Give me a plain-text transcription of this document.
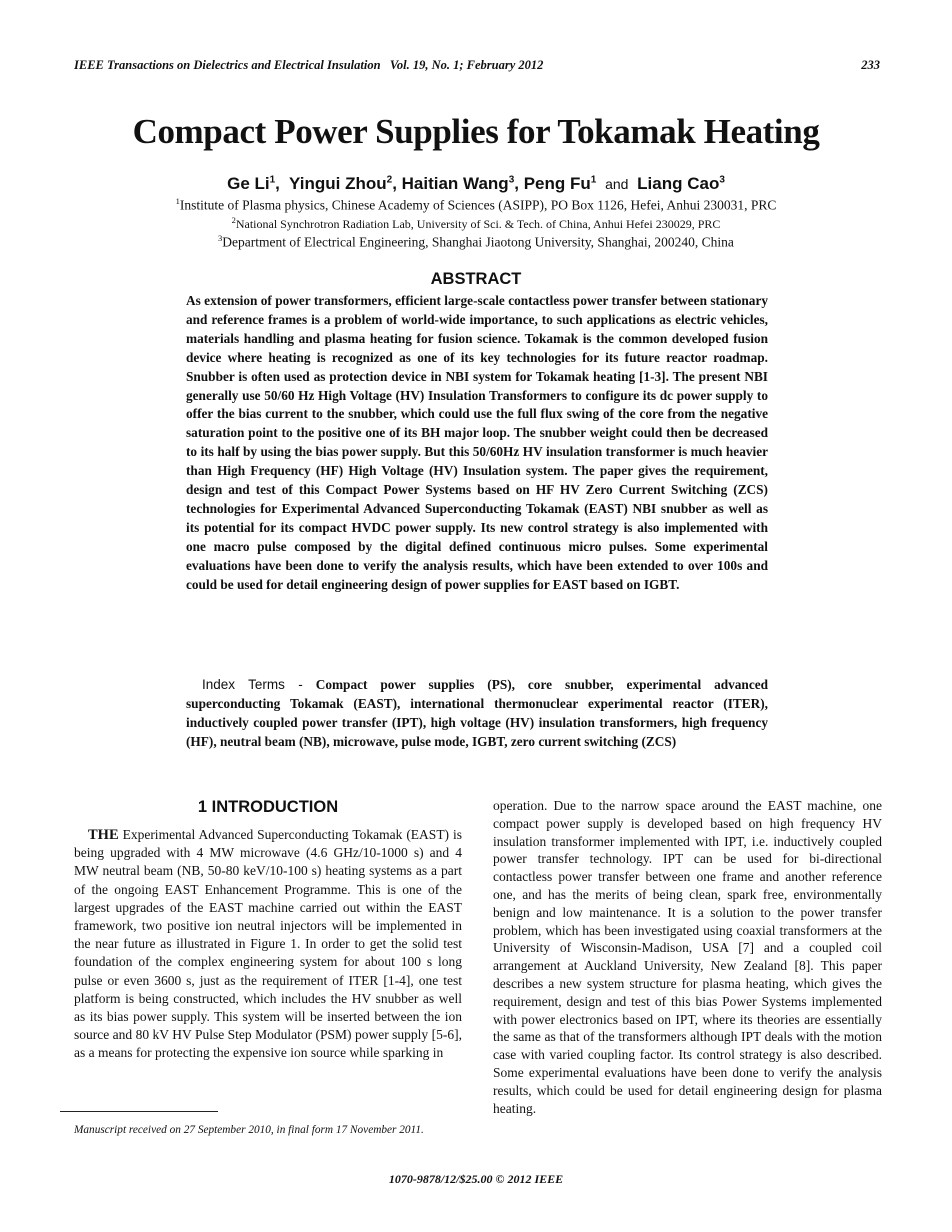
IEEE Transactions on Dielectrics and Electrical Insulation Vol. 19, No. 1; February 2012	233
Compact Power Supplies for Tokamak Heating
Ge Li$^1$,  Yingui Zhou$^2$, Haitian Wang$^3$, Peng Fu$^1$ and Liang Cao$^3$
$^1$Institute of Plasma physics, Chinese Academy of Sciences (ASIPP), PO Box 1126, Hefei, Anhui 230031, PRC
$^2$National Synchrotron Radiation Lab, University of Sci. & Tech. of China, Anhui Hefei 230029, PRC
$^3$Department of Electrical Engineering, Shanghai Jiaotong University, Shanghai, 200240, China
ABSTRACT
As extension of power transformers, efficient large-scale contactless power transfer between stationary and reference frames is a problem of world-wide importance, to such applications as electric vehicles, materials handling and plasma heating for fusion science. Tokamak is the common developed fusion device where heating is recognized as one of its key technologies for its future reactor roadmap. Snubber is often used as protection device in NBI system for Tokamak heating [1-3]. The present NBI generally use 50/60 Hz High Voltage (HV) Insulation Transformers to configure its dc power supply to offer the bias current to the snubber, which could use the full flux swing of the core from the negative saturation point to the positive one of its BH major loop. The snubber weight could then be decreased to its half by using the bias power supply. But this 50/60Hz HV insulation transformer is much heavier than High Frequency (HF) High Voltage (HV) Insulation system. The paper gives the requirement, design and test of this Compact Power Systems based on HF HV Zero Current Switching (ZCS) technologies for Experimental Advanced Superconducting Tokamak (EAST) NBI snubber as well as its potential for its compact HVDC power supply. Its new control strategy is also implemented with one macro pulse composed by the digital defined continuous micro pulses. Some experimental evaluations have been done to verify the analysis results, which have been extended to over 100s and could be used for detail engineering design of power supplies for EAST based on IGBT.
Index Terms - Compact power supplies (PS), core snubber, experimental advanced superconducting Tokamak (EAST), international thermonuclear experimental reactor (ITER), inductively coupled power transfer (IPT), high voltage (HV) insulation transformers, high frequency (HF), neutral beam (NB), microwave, pulse mode, IGBT, zero current switching (ZCS)
1 INTRODUCTION
THE Experimental Advanced Superconducting Tokamak (EAST) is being upgraded with 4 MW microwave (4.6 GHz/10-1000 s) and 4 MW neutral beam (NB, 50-80 keV/10-100 s) heating systems as a part of the ongoing EAST Enhancement Programme. This is one of the largest upgrades of the EAST machine carried out within the EAST framework, two positive ion neutral injectors will be implemented in the near future as illustrated in Figure 1. In order to get the solid test foundation of the complex engineering system for about 100 s long pulse or even 3600 s, just as the requirement of ITER [1-4], one test platform is being constructed, which includes the HV snubber as well as its bias power supply. This system will be inserted between the ion source and 80 kV HV Pulse Step Modulator (PSM) power supply [5-6], as a means for protecting the expensive ion source while sparking in
operation. Due to the narrow space around the EAST machine, one compact power supply is developed based on high frequency HV insulation transformer implemented with IPT, i.e. inductively coupled power transfer technology. IPT can be used for bi-directional contactless power transfer between one frame and another reference one, and has the merits of being clean, spark free, environmentally benign and low maintenance. It is a solution to the power transfer problem, which has been investigated using coaxial transformers at the University of Wisconsin-Madison, USA [7] and a coupled coil arrangement at Auckland University, New Zealand [8]. This paper describes a new system structure for plasma heating, which gives the requirement, design and test of this bias Power Systems implemented with power electronics based on IPT, where its theories are essentially the same as that of the transformers although IPT deals with the motion case with varied coupling factor. Its control strategy is also described. Some experimental evaluations have been done to verify the analysis results, which could be used for detail engineering design for plasma heating.
Manuscript received on 27 September 2010, in final form 17 November 2011.
1070-9878/12/$25.00 © 2012 IEEE
